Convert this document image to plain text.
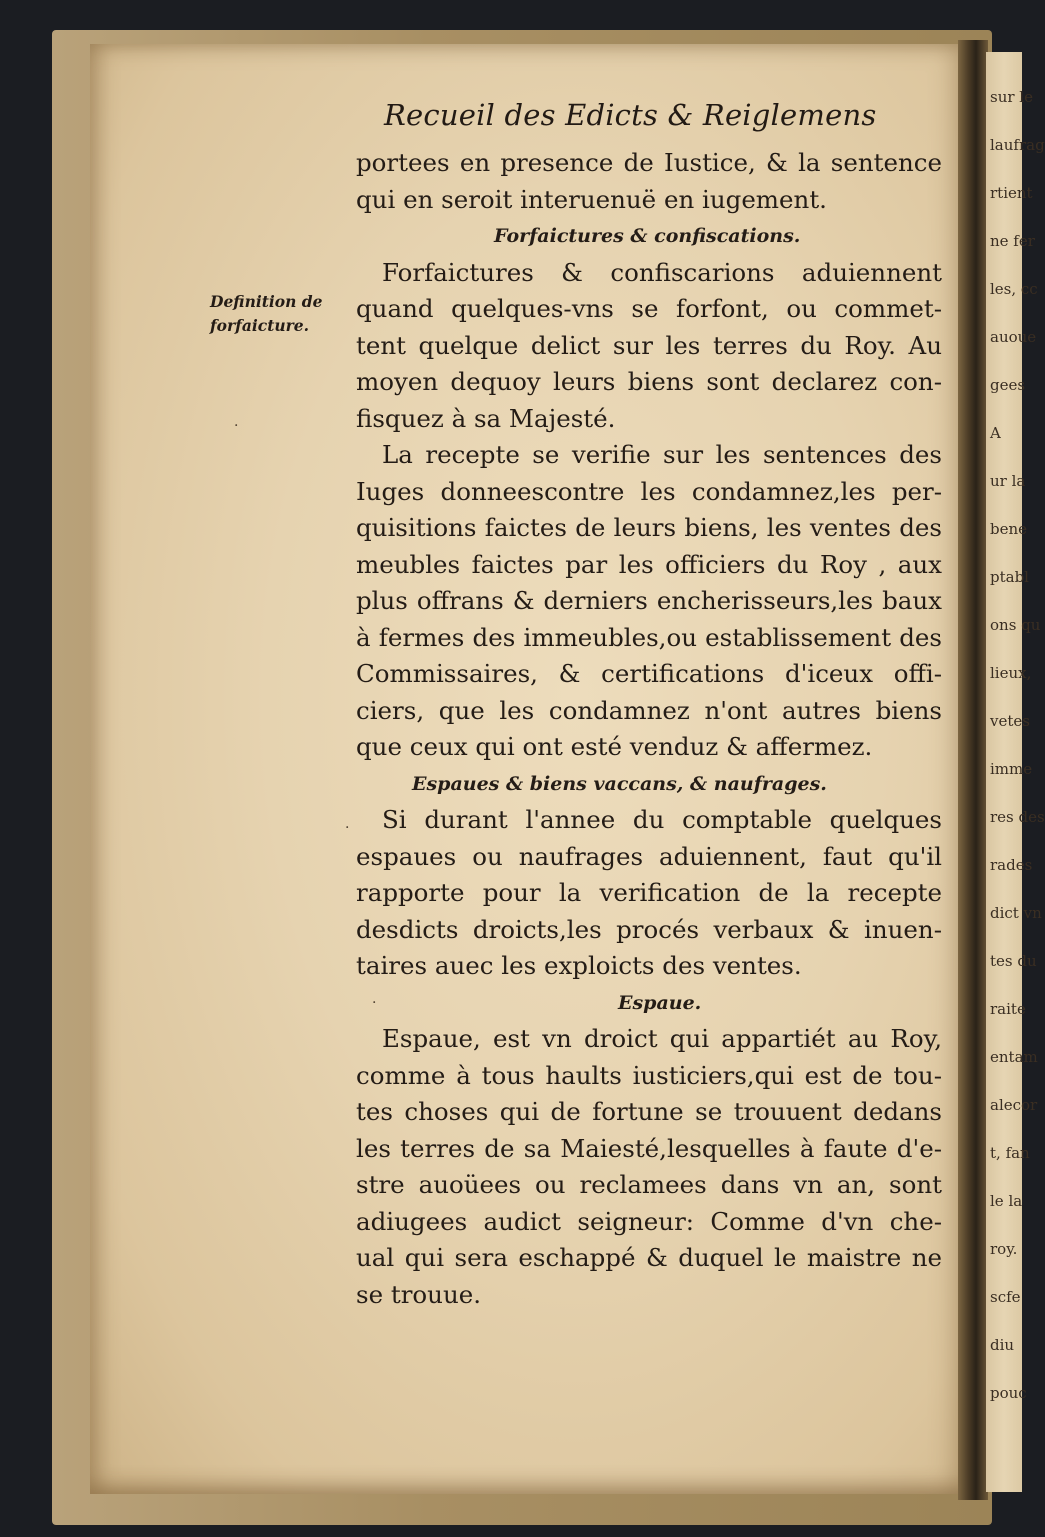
sur le
laufrag
rtient
ne fer
les, cc
auoue
gees
A
ur la
bene
ptabl
ons qu
lieux,
vetes
imme
res des
rades
dict vn
tes du
raite
entam
alecor
t, fan
le la
roy.
scfe
diu
pouc
Recueil des Edicts & Reiglemens
Definition de
forfaicture.
portees en presence de Iustice, & la sentence
qui en seroit interuenuë en iugement.
Forfaictures & confiscations.
Forfaictures & confiscarions aduiennent
quand quelques-vns se forfont, ou commet-
tent quelque delict sur les terres du Roy. Au
moyen dequoy leurs biens sont declarez con-
fisquez à sa Majesté.
La recepte se verifie sur les sentences des
Iuges donneescontre les condamnez,les per-
quisitions faictes de leurs biens, les ventes des
meubles faictes par les officiers du Roy , aux
plus offrans & derniers encherisseurs,les baux
à fermes des immeubles,ou establissement des
Commissaires, & certifications d'iceux offi-
ciers, que les condamnez n'ont autres biens
que ceux qui ont esté venduz & affermez.
Espaues & biens vaccans, & naufrages.
Si durant l'annee du comptable quelques
espaues ou naufrages aduiennent, faut qu'il
rapporte pour la verification de la recepte
desdicts droicts,les procés verbaux & inuen-
taires auec les exploicts des ventes.
Espaue.
Espaue, est vn droict qui appartiét au Roy,
comme à tous haults iusticiers,qui est de tou-
tes choses qui de fortune se trouuent dedans
les terres de sa Maiesté,lesquelles à faute d'e-
stre auoüees ou reclamees dans vn an, sont
adiugees audict seigneur: Comme d'vn che-
ual qui sera eschappé & duquel le maistre ne
se trouue.
·
·
·
